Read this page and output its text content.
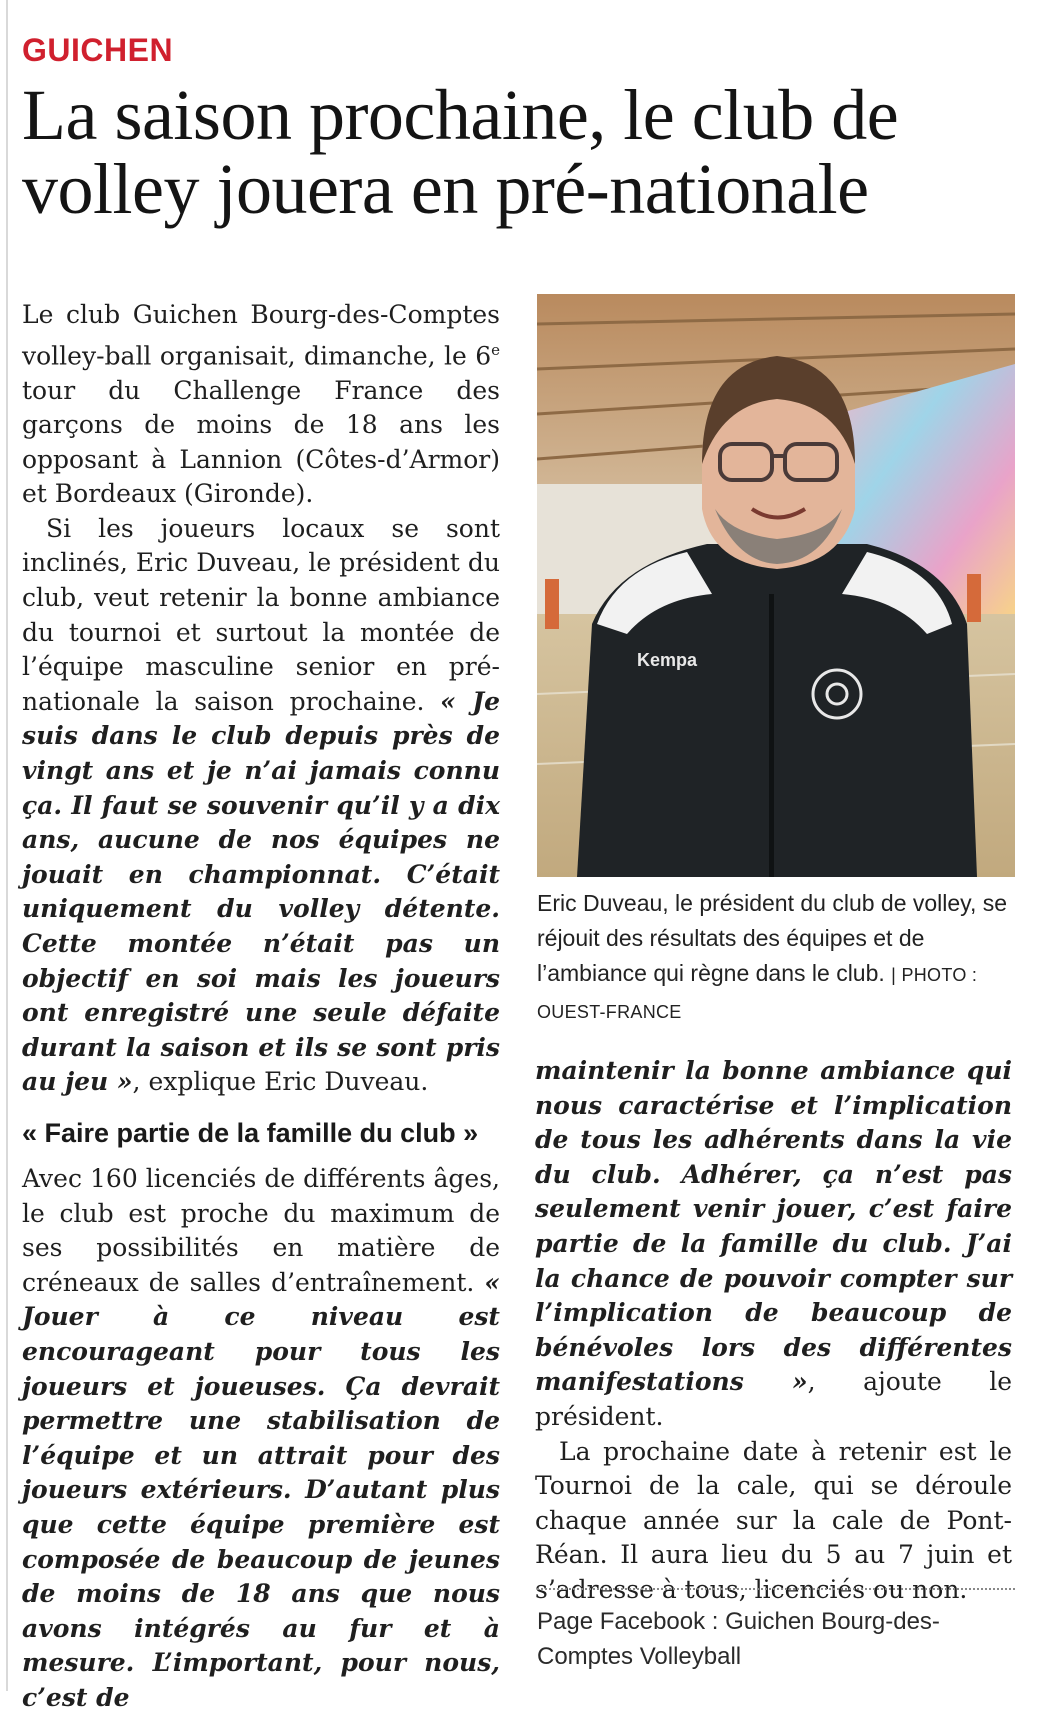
GUICHEN
La saison prochaine, le club de volley jouera en pré-nationale

Le club Guichen Bourg-des-Comptes volley-ball organisait, dimanche, le 6e tour du Challenge France des garçons de moins de 18 ans les opposant à Lannion (Côtes-d’Armor) et Bordeaux (Gironde).

Si les joueurs locaux se sont inclinés, Eric Duveau, le président du club, veut retenir la bonne ambiance du tournoi et surtout la montée de l’équipe masculine senior en pré-nationale la saison prochaine. « Je suis dans le club depuis près de vingt ans et je n’ai jamais connu ça. Il faut se souvenir qu’il y a dix ans, aucune de nos équipes ne jouait en championnat. C’était uniquement du volley détente. Cette montée n’était pas un objectif en soi mais les joueurs ont enregistré une seule défaite durant la saison et ils se sont pris au jeu », explique Eric Duveau.

« Faire partie de la famille du club »

Avec 160 licenciés de différents âges, le club est proche du maximum de ses possibilités en matière de créneaux de salles d’entraînement. « Jouer à ce niveau est encourageant pour tous les joueurs et joueuses. Ça devrait permettre une stabilisation de l’équipe et un attrait pour des joueurs extérieurs. D’autant plus que cette équipe première est composée de beaucoup de jeunes de moins de 18 ans que nous avons intégrés au fur et à mesure. L’important, pour nous, c’est de

Kempa
Eric Duveau, le président du club de volley, se réjouit des résultats des équipes et de l’ambiance qui règne dans le club. | PHOTO : OUEST-FRANCE

maintenir la bonne ambiance qui nous caractérise et l’implication de tous les adhérents dans la vie du club. Adhérer, ça n’est pas seulement venir jouer, c’est faire partie de la famille du club. J’ai la chance de pouvoir compter sur l’implication de beaucoup de bénévoles lors des différentes manifestations », ajoute le président.

La prochaine date à retenir est le Tournoi de la cale, qui se déroule chaque année sur la cale de Pont-Réan. Il aura lieu du 5 au 7 juin et s’adresse à tous, licenciés ou non.

Page Facebook : Guichen Bourg-des-Comptes Volleyball
